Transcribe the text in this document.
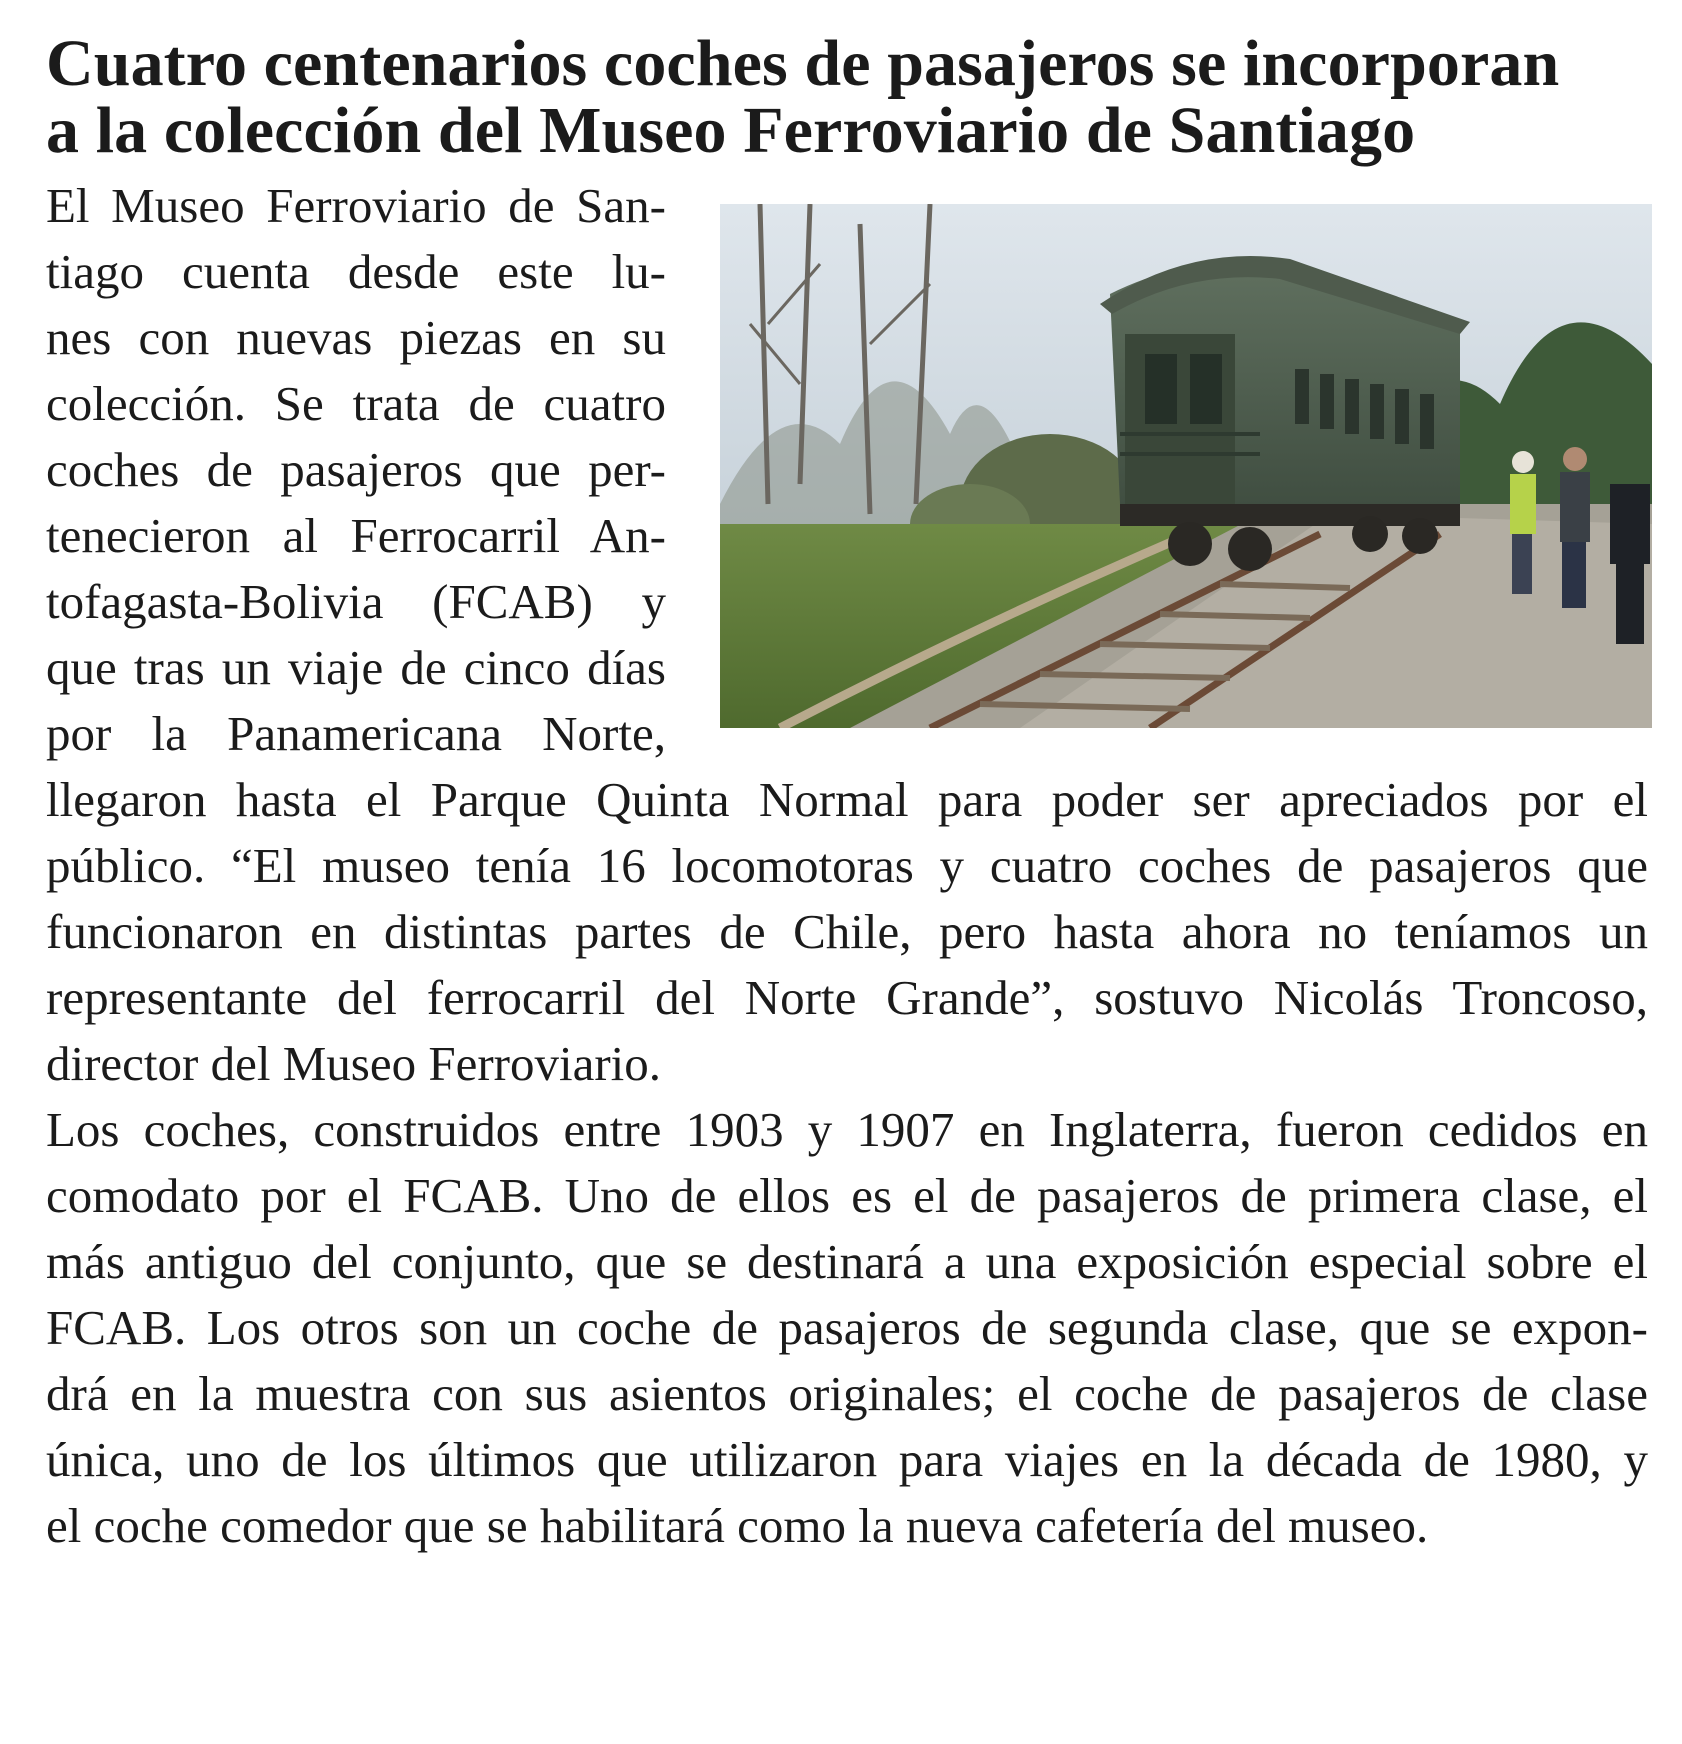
Cuatro centenarios coches de pasajeros se incorporan
a la colección del Museo Ferroviario de Santiago
El Museo Ferroviario de San-
tiago cuenta desde este lu-
nes con nuevas piezas en su
colección. Se trata de cuatro
coches de pasajeros que per-
tenecieron al Ferrocarril An-
tofagasta-Bolivia (FCAB) y
que tras un viaje de cinco días
por la Panamericana Norte,
llegaron hasta el Parque Quinta Normal para poder ser apreciados por el
público. “El museo tenía 16 locomotoras y cuatro coches de pasajeros que
funcionaron en distintas partes de Chile, pero hasta ahora no teníamos un
representante del ferrocarril del Norte Grande”, sostuvo Nicolás Troncoso,
director del Museo Ferroviario.
Los coches, construidos entre 1903 y 1907 en Inglaterra, fueron cedidos en
comodato por el FCAB. Uno de ellos es el de pasajeros de primera clase, el
más antiguo del conjunto, que se destinará a una exposición especial sobre el
FCAB. Los otros son un coche de pasajeros de segunda clase, que se expon-
drá en la muestra con sus asientos originales; el coche de pasajeros de clase
única, uno de los últimos que utilizaron para viajes en la década de 1980, y
el coche comedor que se habilitará como la nueva cafetería del museo.
